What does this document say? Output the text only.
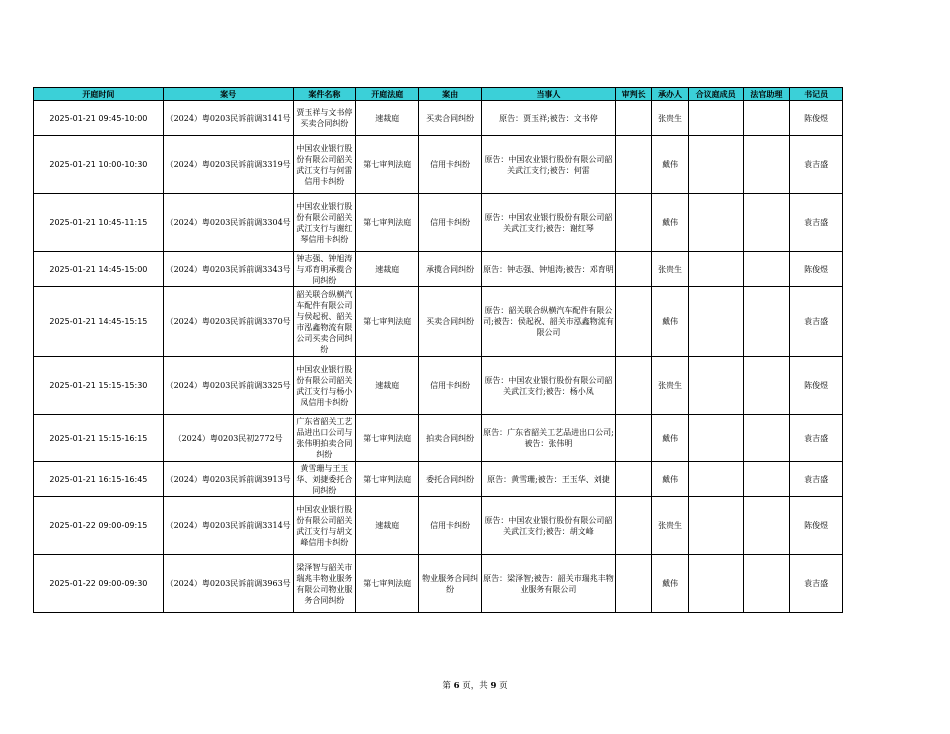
开庭时间	案号	案件名称	开庭法庭	案由	当事人	审判长	承办人	合议庭成员	法官助理	书记员
2025-01-21 09:45-10:00	（2024）粤0203民诉前调3141号	贾玉祥与文书停买卖合同纠纷	速裁庭	买卖合同纠纷	原告：贾玉祥;被告：文书停		张贵生			陈俊煜
2025-01-21 10:00-10:30	（2024）粤0203民诉前调3319号	中国农业银行股份有限公司韶关武江支行与何雷信用卡纠纷	第七审判法庭	信用卡纠纷	原告：中国农业银行股份有限公司韶关武江支行;被告：何雷		戴伟			袁吉盛
2025-01-21 10:45-11:15	（2024）粤0203民诉前调3304号	中国农业银行股份有限公司韶关武江支行与谢红琴信用卡纠纷	第七审判法庭	信用卡纠纷	原告：中国农业银行股份有限公司韶关武江支行;被告：谢红琴		戴伟			袁吉盛
2025-01-21 14:45-15:00	（2024）粤0203民诉前调3343号	钟志强、钟旭涛与邓育明承揽合同纠纷	速裁庭	承揽合同纠纷	原告：钟志强、钟旭涛;被告：邓育明		张贵生			陈俊煜
2025-01-21 14:45-15:15	（2024）粤0203民诉前调3370号	韶关联合纵横汽车配件有限公司与侯起祝、韶关市泓鑫物流有限公司买卖合同纠纷	第七审判法庭	买卖合同纠纷	原告：韶关联合纵横汽车配件有限公司;被告：侯起祝、韶关市泓鑫物流有限公司		戴伟			袁吉盛
2025-01-21 15:15-15:30	（2024）粤0203民诉前调3325号	中国农业银行股份有限公司韶关武江支行与杨小凤信用卡纠纷	速裁庭	信用卡纠纷	原告：中国农业银行股份有限公司韶关武江支行;被告：杨小凤		张贵生			陈俊煜
2025-01-21 15:15-16:15	（2024）粤0203民初2772号	广东省韶关工艺品进出口公司与张伟明拍卖合同纠纷	第七审判法庭	拍卖合同纠纷	原告：广东省韶关工艺品进出口公司;被告：张伟明		戴伟			袁吉盛
2025-01-21 16:15-16:45	（2024）粤0203民诉前调3913号	黄雪珊与王玉华、刘捷委托合同纠纷	第七审判法庭	委托合同纠纷	原告：黄雪珊;被告：王玉华、刘捷		戴伟			袁吉盛
2025-01-22 09:00-09:15	（2024）粤0203民诉前调3314号	中国农业银行股份有限公司韶关武江支行与胡文峰信用卡纠纷	速裁庭	信用卡纠纷	原告：中国农业银行股份有限公司韶关武江支行;被告：胡文峰		张贵生			陈俊煜
2025-01-22 09:00-09:30	（2024）粤0203民诉前调3963号	梁泽智与韶关市瑞兆丰物业服务有限公司物业服务合同纠纷	第七审判法庭	物业服务合同纠纷	原告：梁泽智;被告：韶关市瑞兆丰物业服务有限公司		戴伟			袁吉盛
第 6 页，共 9 页
